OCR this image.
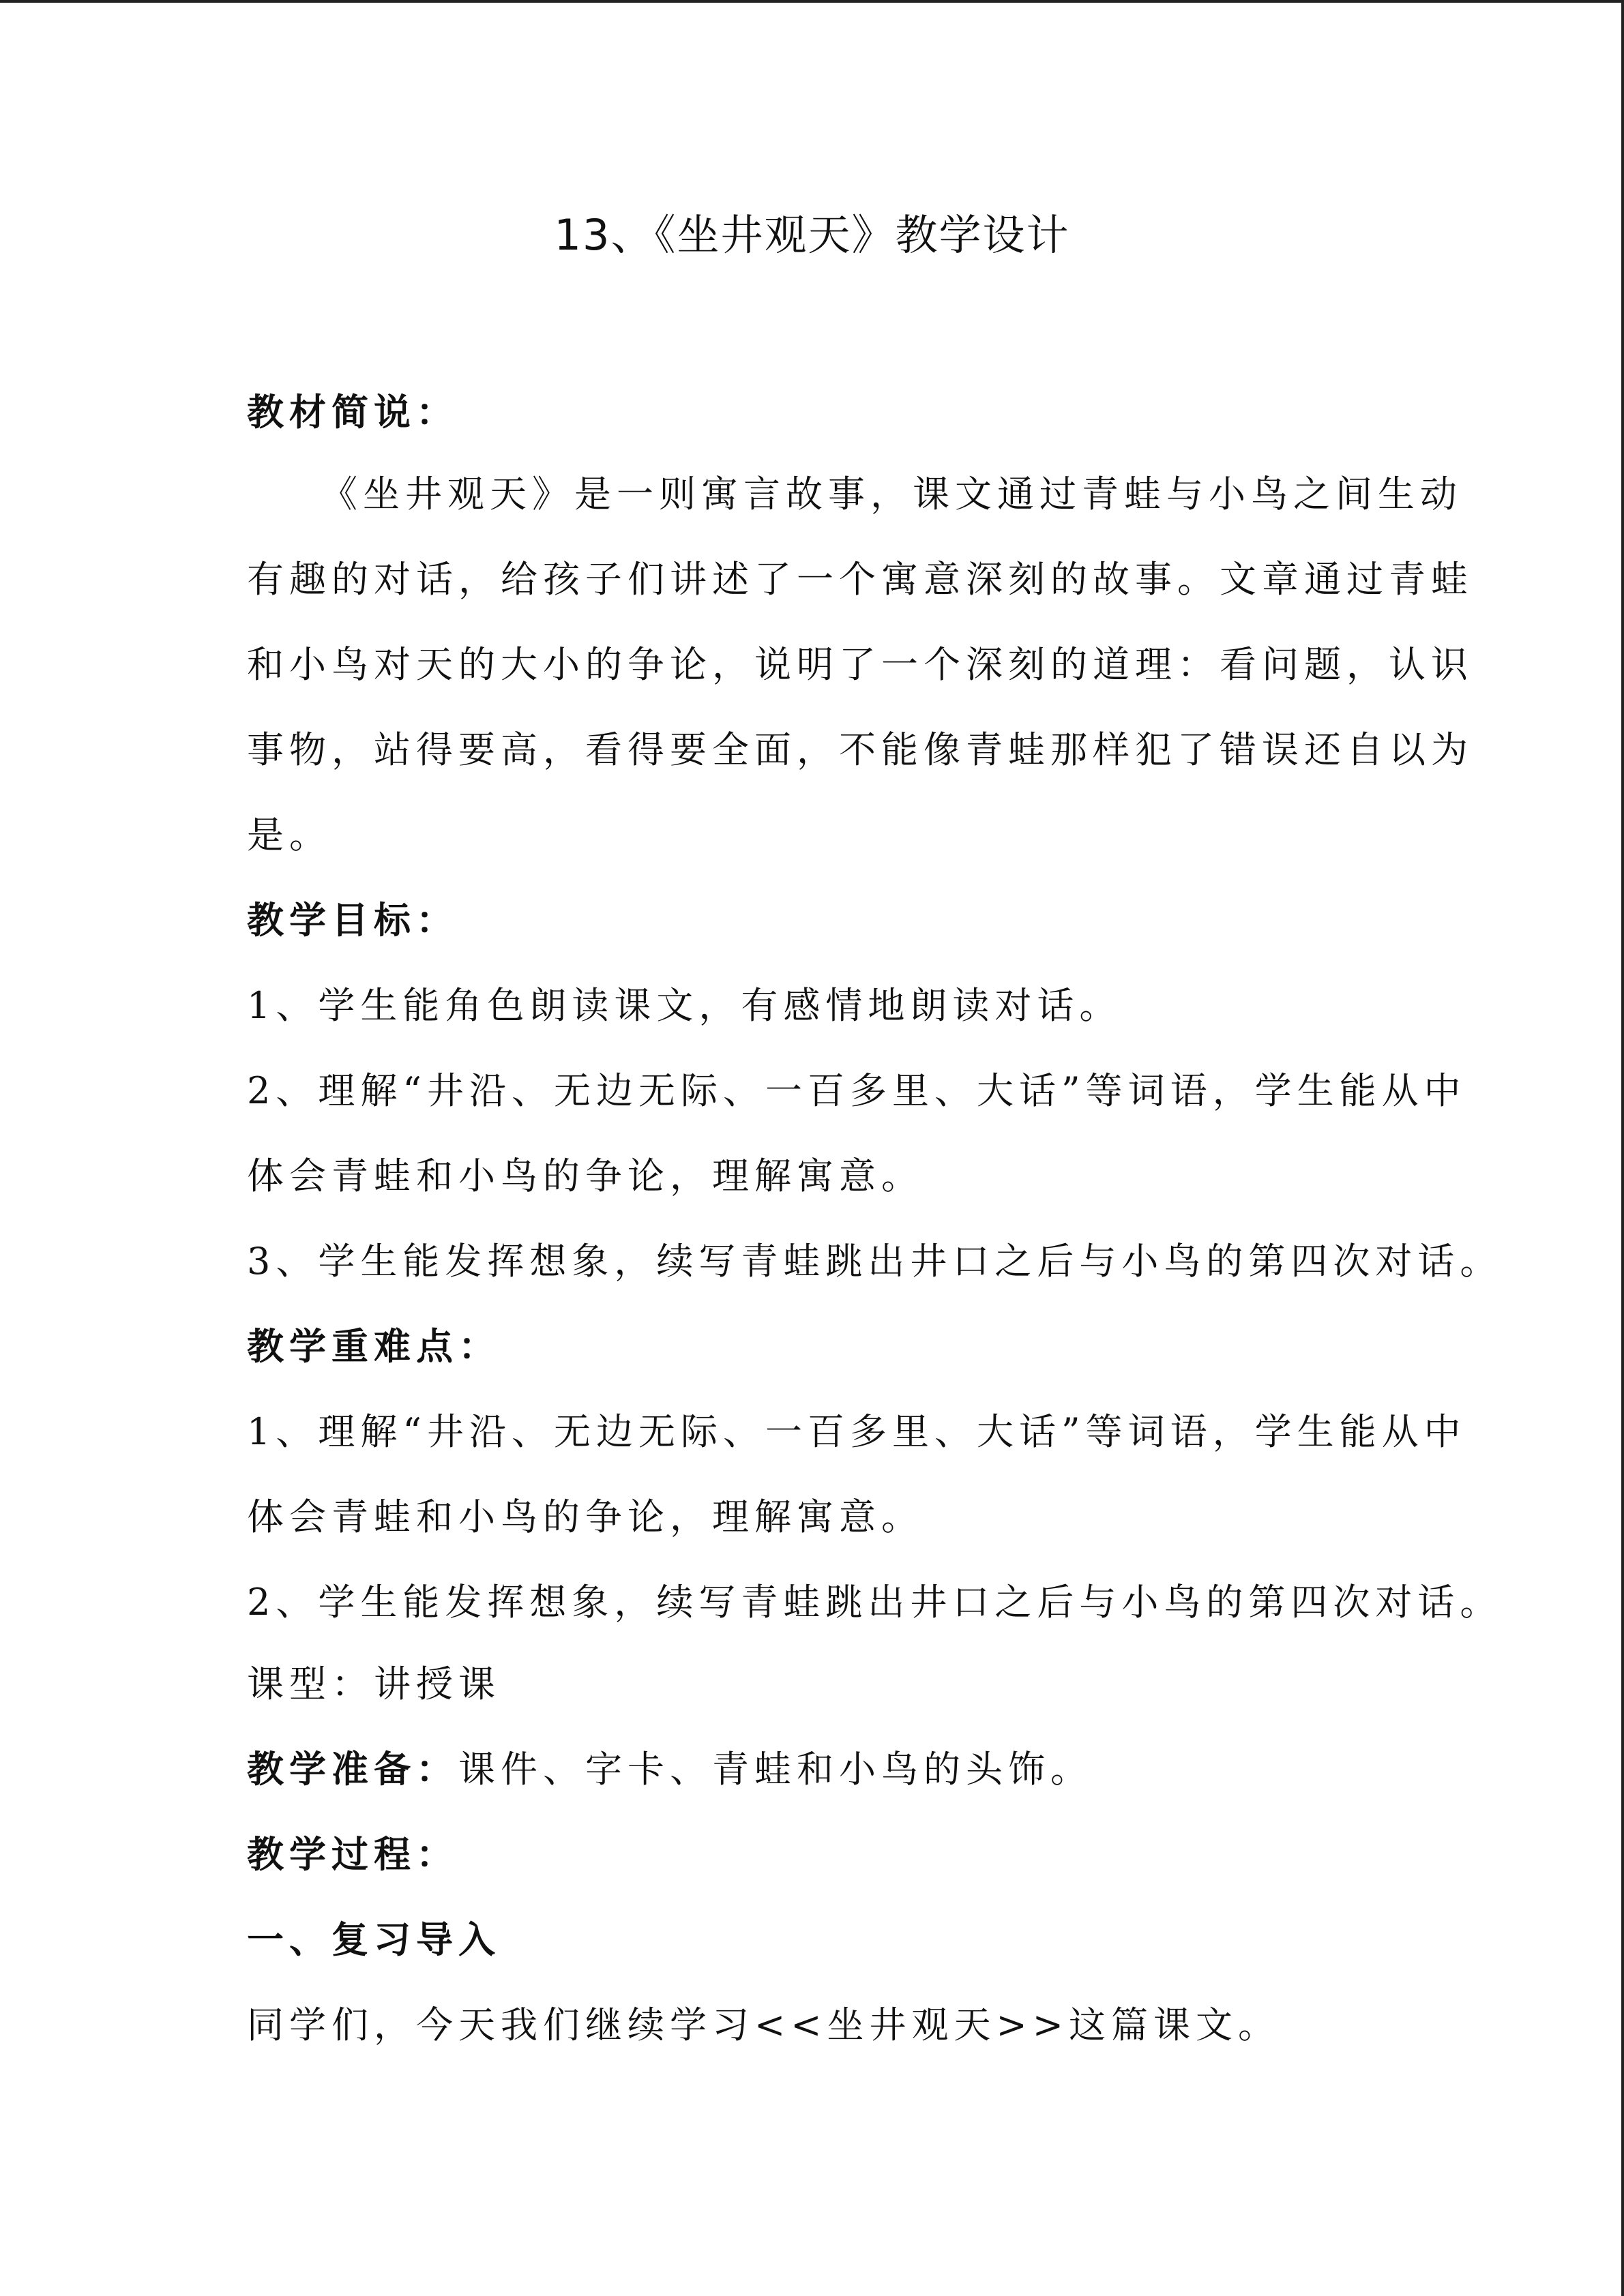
13、《坐井观天》教学设计
教材简说：
《坐井观天》是一则寓言故事，课文通过青蛙与小鸟之间生动
有趣的对话，给孩子们讲述了一个寓意深刻的故事。文章通过青蛙
和小鸟对天的大小的争论，说明了一个深刻的道理：看问题，认识
事物，站得要高，看得要全面，不能像青蛙那样犯了错误还自以为
是。
教学目标：
1、学生能角色朗读课文，有感情地朗读对话。
2、理解“井沿、无边无际、一百多里、大话”等词语，学生能从中
体会青蛙和小鸟的争论，理解寓意。
3、学生能发挥想象，续写青蛙跳出井口之后与小鸟的第四次对话。
教学重难点：
1、理解“井沿、无边无际、一百多里、大话”等词语，学生能从中
体会青蛙和小鸟的争论，理解寓意。
2、学生能发挥想象，续写青蛙跳出井口之后与小鸟的第四次对话。
课型：讲授课
教学准备：课件、字卡、青蛙和小鸟的头饰。
教学过程：
一、复习导入
同学们，今天我们继续学习<<坐井观天>>这篇课文。
